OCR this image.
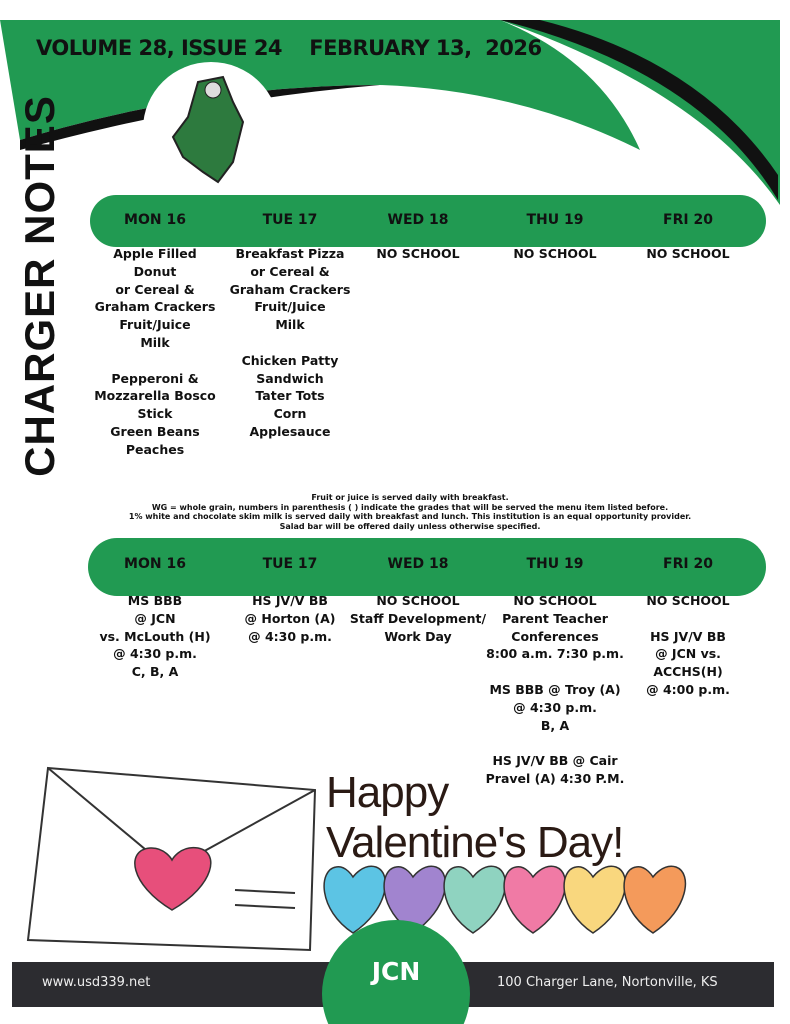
VOLUME 28, ISSUE 24 FEBRUARY 13,  2026
CHARGER NOTES	MON 16
Apple Filled
Donut
or Cereal &
Graham Crackers
Fruit/Juice
Milk

Pepperoni &
Mozzarella Bosco
Stick
Green Beans
Peaches
TUE 17
Breakfast Pizza
or Cereal &
Graham Crackers
Fruit/Juice
Milk

Chicken Patty
Sandwich
Tater Tots
Corn
Applesauce
WED 18
NO SCHOOL
THU 19
NO SCHOOL
FRI 20
NO SCHOOL
Fruit or juice is served daily with breakfast.
WG = whole grain, numbers in parenthesis ( ) indicate the grades that will be served the menu item listed before.
1% white and chocolate skim milk is served daily with breakfast and lunch. This institution is an equal opportunity provider.
Salad bar will be offered daily unless otherwise specified.
MON 16
MS BBB
@ JCN
vs. McLouth (H)
@ 4:30 p.m.
C, B, A
TUE 17
HS JV/V BB
@ Horton (A)
@ 4:30 p.m.
WED 18
NO SCHOOL
Staff Development/
Work Day
THU 19
NO SCHOOL
Parent Teacher
Conferences
8:00 a.m. 7:30 p.m.

MS BBB @ Troy (A)
@ 4:30 p.m.
B, A

HS JV/V BB @ Cair
Pravel (A) 4:30 P.M.
FRI 20
NO SCHOOL

HS JV/V BB
@ JCN vs.
ACCHS(H)
@ 4:00 p.m.
Happy
Valentine's Day!
www.usd339.net	100 Charger Lane, Nortonville, KS
JCN
